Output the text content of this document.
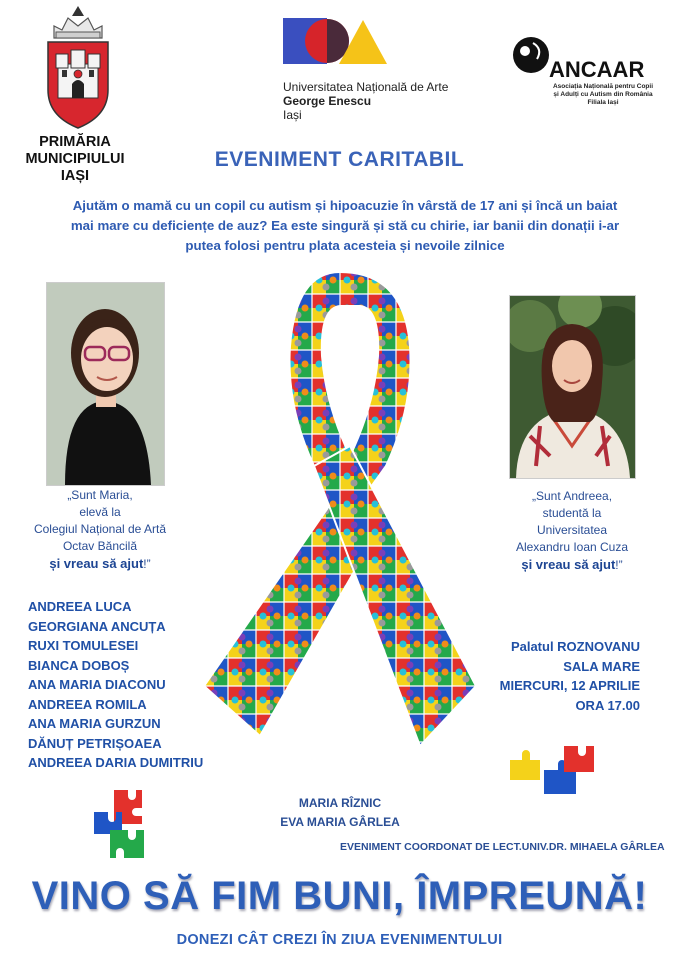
PRIMĂRIA
MUNICIPIULUI
IAȘI
Universitatea Națională de Arte
George Enescu
Iași
ANCAAR
Asociația Națională pentru Copii
și Adulți cu Autism din România
Filiala Iași
EVENIMENT CARITABIL
Ajutăm o mamă cu un copil cu autism și hipoacuzie în vârstă de 17 ani și încă un baiat mai mare cu deficiențe de auz? Ea este singură și stă cu chirie, iar banii din donații i-ar putea folosi pentru plata acesteia și nevoile zilnice
„Sunt Maria,
elevă la
Colegiul Național de Artă
Octav Băncilă
și vreau să ajut!”
„Sunt Andreea,
studentă la
Universitatea
Alexandru Ioan Cuza
și vreau să ajut!”
ANDREEA LUCA
GEORGIANA ANCUȚA
RUXI TOMULESEI
BIANCA DOBOȘ
ANA MARIA DIACONU
ANDREEA ROMILA
ANA MARIA GURZUN
DĂNUȚ PETRIȘOAEA
ANDREEA DARIA DUMITRIU
Palatul ROZNOVANU
SALA MARE
MIERCURI, 12 APRILIE
ORA 17.00
MARIA RÎZNIC
EVA MARIA GÂRLEA
EVENIMENT COORDONAT DE LECT.UNIV.DR. MIHAELA GÂRLEA
VINO SĂ FIM BUNI, ÎMPREUNĂ!
DONEZI CÂT CREZI ÎN ZIUA EVENIMENTULUI
